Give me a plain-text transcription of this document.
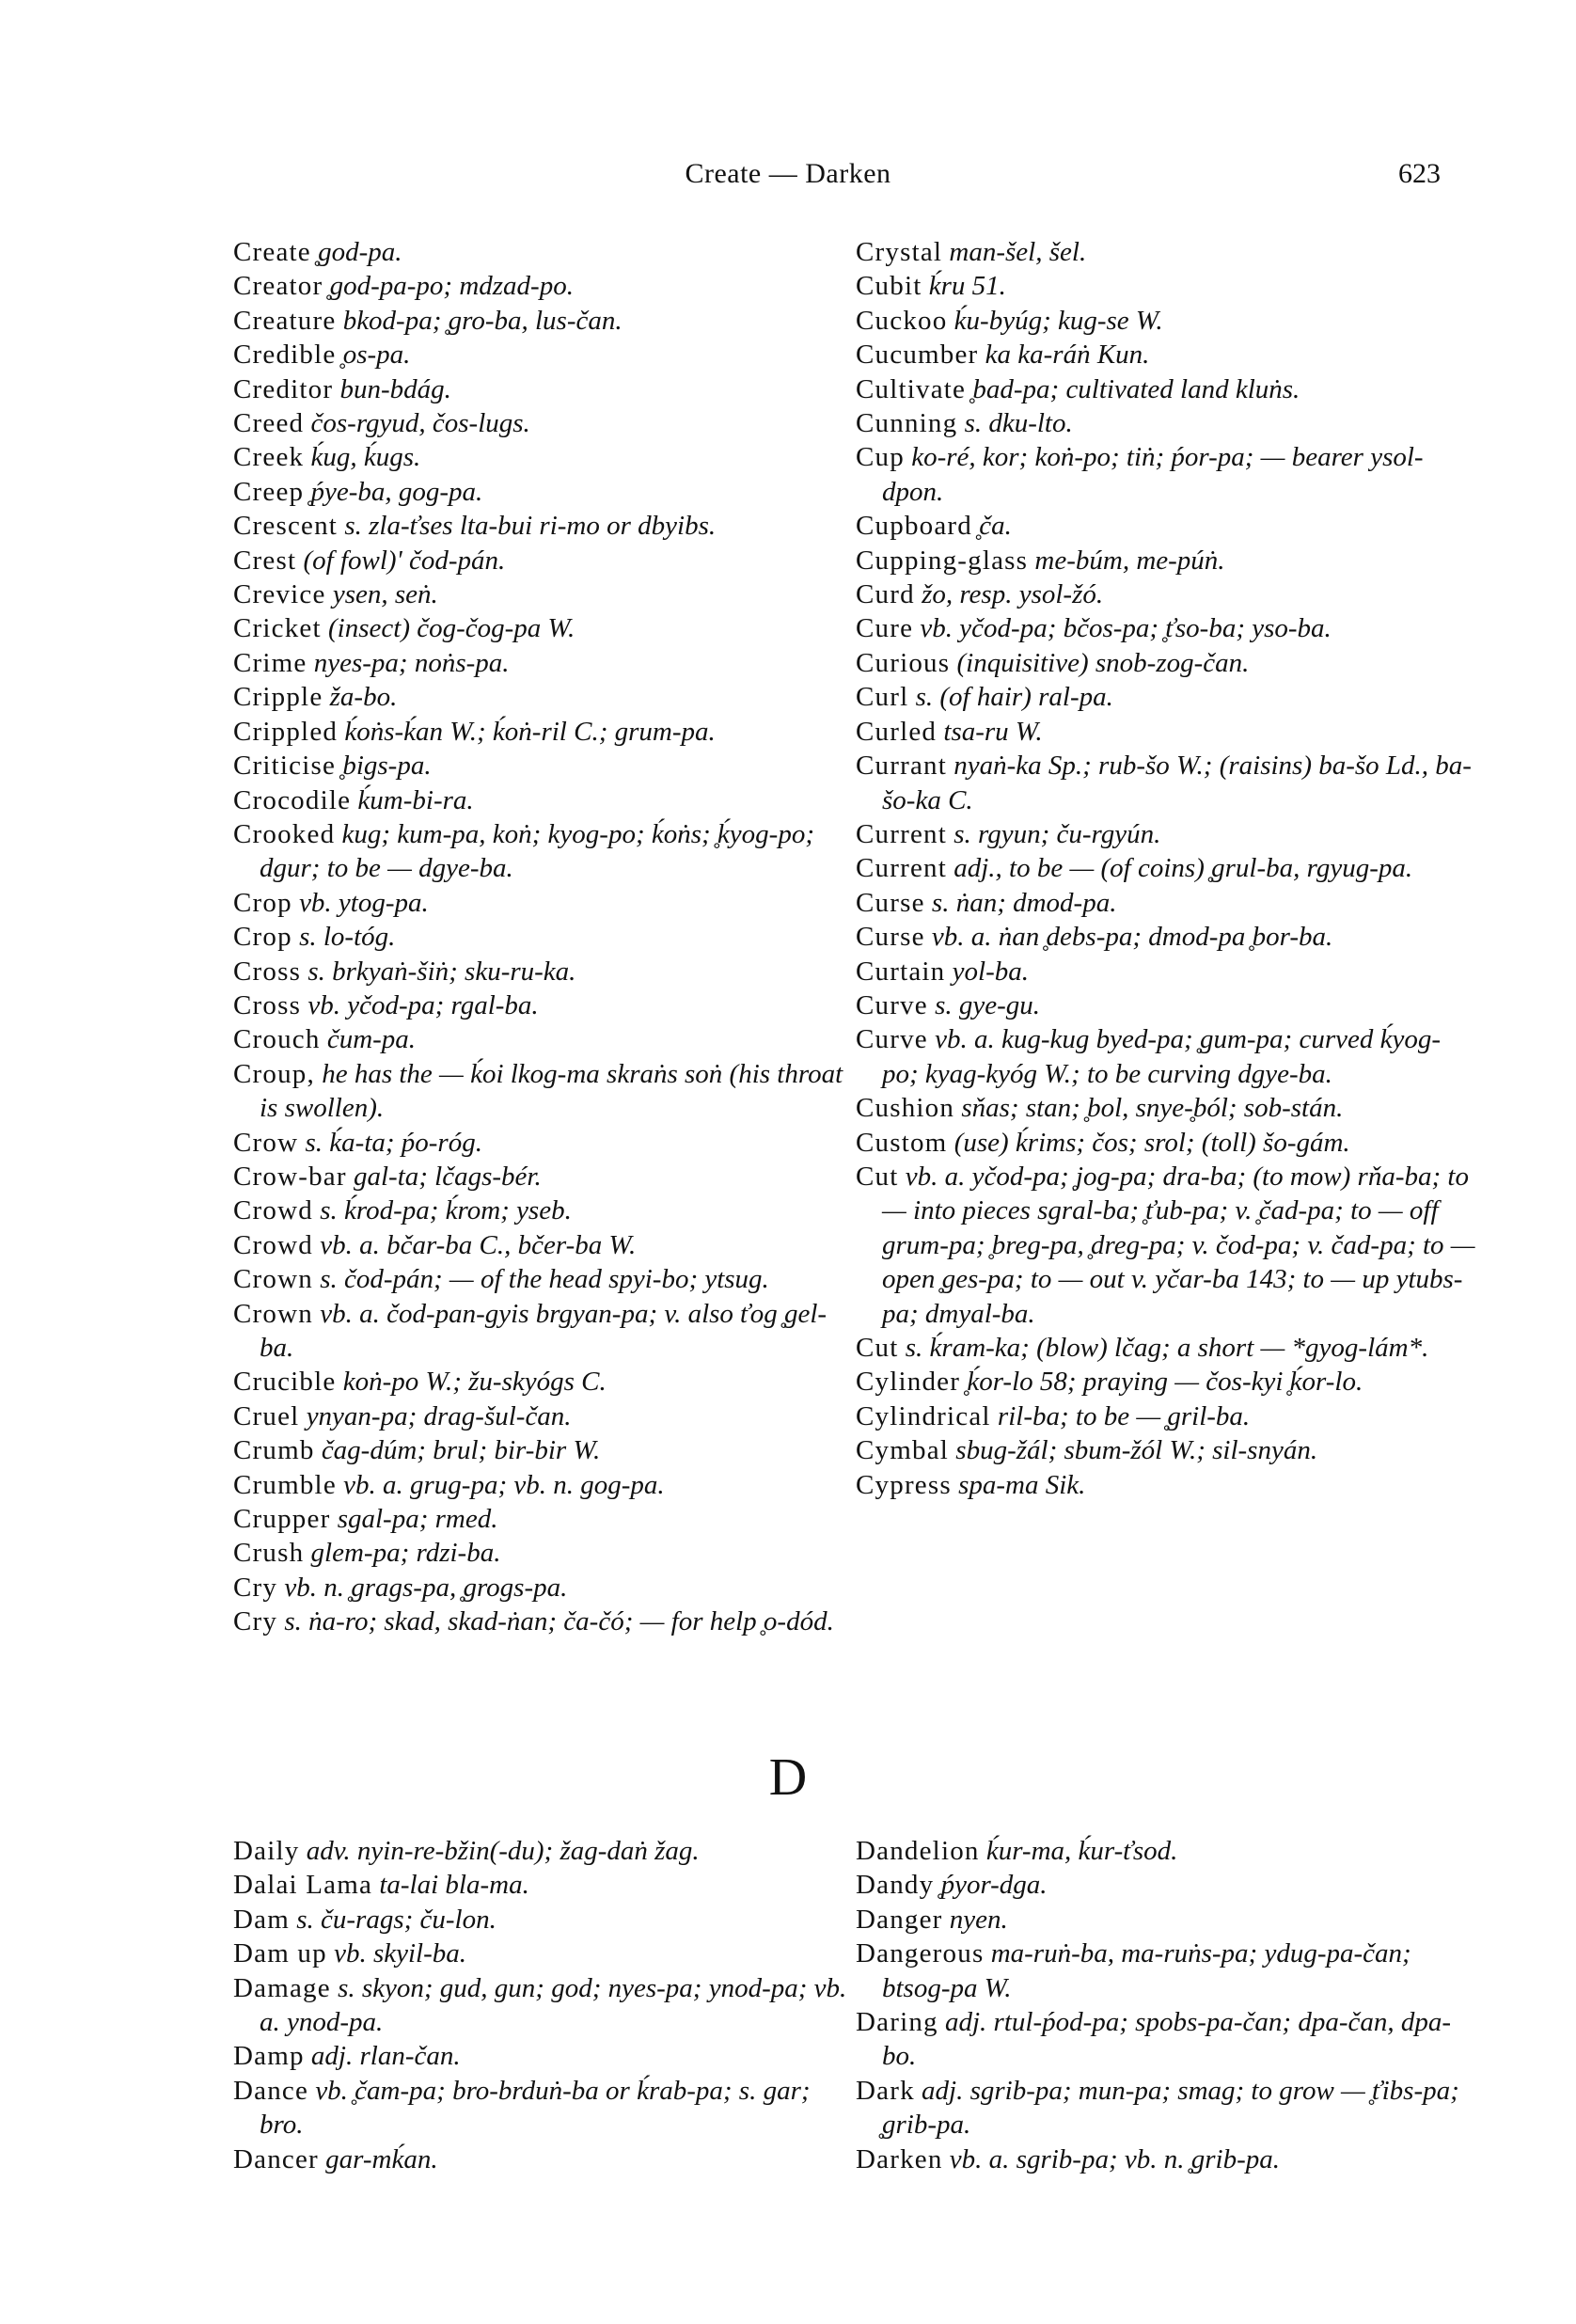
Create — Darken	623

Create ̥god-pa.

Creator ̥god-pa-po; mdzad-po.

Creature bkod-pa; ̥gro-ba, lus-čan.

Credible ̥os-pa.

Creditor bun-bdág.

Creed čos-rgyud, čos-lugs.

Creek ḱug, ḱugs.

Creep ̥ṕye-ba, gog-pa.

Crescent s. zla-ťses lta-bui ri-mo or dbyibs.

Crest (of fowl)' čod-pán.

Crevice ysen, seṅ.

Cricket (insect) čog-čog-pa W.

Crime nyes-pa; noṅs-pa.

Cripple ža-bo.

Crippled ḱoṅs-ḱan W.; ḱoṅ-ril C.; grum-pa.

Criticise ̥bigs-pa.

Crocodile ḱum-bi-ra.

Crooked kug; kum-pa, koṅ; kyog-po; ḱoṅs; ̥ḱyog-po; dgur; to be — dgye-ba.

Crop vb. ytog-pa.

Crop s. lo-tóg.

Cross s. brkyaṅ-šiṅ; sku-ru-ka.

Cross vb. yčod-pa; rgal-ba.

Crouch čum-pa.

Croup, he has the — ḱoi lkog-ma skraṅs soṅ (his throat is swollen).

Crow s. ḱa-ta; ṕo-róg.

Crow-bar gal-ta; lčags-bér.

Crowd s. ḱrod-pa; ḱrom; yseb.

Crowd vb. a. bčar-ba C., bčer-ba W.

Crown s. čod-pán; — of the head spyi-bo; ytsug.

Crown vb. a. čod-pan-gyis brgyan-pa; v. also ťog ̥gel-ba.

Crucible koṅ-po W.; žu-skyógs C.

Cruel ynyan-pa; drag-šul-čan.

Crumb čag-dúm; brul; bir-bir W.

Crumble vb. a. grug-pa; vb. n. gog-pa.

Crupper sgal-pa; rmed.

Crush glem-pa; rdzi-ba.

Cry vb. n. ̥grags-pa, ̥grogs-pa.

Cry s. ṅa-ro; skad, skad-ṅan; ča-čó; — for help ̥o-dód.

Crystal man-šel, šel.

Cubit ḱru 51.

Cuckoo ḱu-byúg; kug-se W.

Cucumber ka ka-ráṅ Kun.

Cultivate ̥bad-pa; cultivated land kluṅs.

Cunning s. dku-lto.

Cup ko-ré, kor; koṅ-po; tiṅ; ṕor-pa; — bearer ysol-dpon.

Cupboard ̥ča.

Cupping-glass me-búm, me-púṅ.

Curd žo, resp. ysol-žó.

Cure vb. yčod-pa; bčos-pa; ̥ťso-ba; yso-ba.

Curious (inquisitive) snob-zog-čan.

Curl s. (of hair) ral-pa.

Curled tsa-ru W.

Currant nyaṅ-ka Sp.; rub-šo W.; (raisins) ba-šo Ld., ba-šo-ka C.

Current s. rgyun; ču-rgyún.

Current adj., to be — (of coins) ̥grul-ba, rgyug-pa.

Curse s. ṅan; dmod-pa.

Curse vb. a. ṅan ̥debs-pa; dmod-pa ̥bor-ba.

Curtain yol-ba.

Curve s. gye-gu.

Curve vb. a. kug-kug byed-pa; ̥gum-pa; curved ḱyog-po; kyag-kyóg W.; to be curving dgye-ba.

Cushion sňas; stan; ̥bol, snye-̥ból; sob-stán.

Custom (use) ḱrims; čos; srol; (toll) šo-gám.

Cut vb. a. yčod-pa; ̥jog-pa; dra-ba; (to mow) rňa-ba; to — into pieces sgral-ba; ̥ťub-pa; v. ̥čad-pa; to — off grum-pa; ̥breg-pa, ̥dreg-pa; v. čod-pa; v. čad-pa; to — open ̥ges-pa; to — out v. yčar-ba 143; to — up ytubs-pa; dmyal-ba.

Cut s. ḱram-ka; (blow) lčag; a short — *gyog-lám*.

Cylinder ̥ḱor-lo 58; praying — čos-kyi ̥ḱor-lo.

Cylindrical ril-ba; to be — ̥gril-ba.

Cymbal sbug-žál; sbum-žól W.; sil-snyán.

Cypress spa-ma Sik.

D

Daily adv. nyin-re-bžin(-du); žag-daṅ žag.

Dalai Lama ta-lai bla-ma.

Dam s. ču-rags; ču-lon.

Dam up vb. skyil-ba.

Damage s. skyon; gud, gun; god; nyes-pa; ynod-pa; vb. a. ynod-pa.

Damp adj. rlan-čan.

Dance vb. ̥čam-pa; bro-brduṅ-ba or ḱrab-pa; s. gar; bro.

Dancer gar-mḱan.

Dandelion ḱur-ma, ḱur-ťsod.

Dandy ̥ṕyor-dga.

Danger nyen.

Dangerous ma-ruṅ-ba, ma-ruṅs-pa; ydug-pa-čan; btsog-pa W.

Daring adj. rtul-ṕod-pa; spobs-pa-čan; dpa-čan, dpa-bo.

Dark adj. sgrib-pa; mun-pa; smag; to grow — ̥ťibs-pa; ̥grib-pa.

Darken vb. a. sgrib-pa; vb. n. ̥grib-pa.
